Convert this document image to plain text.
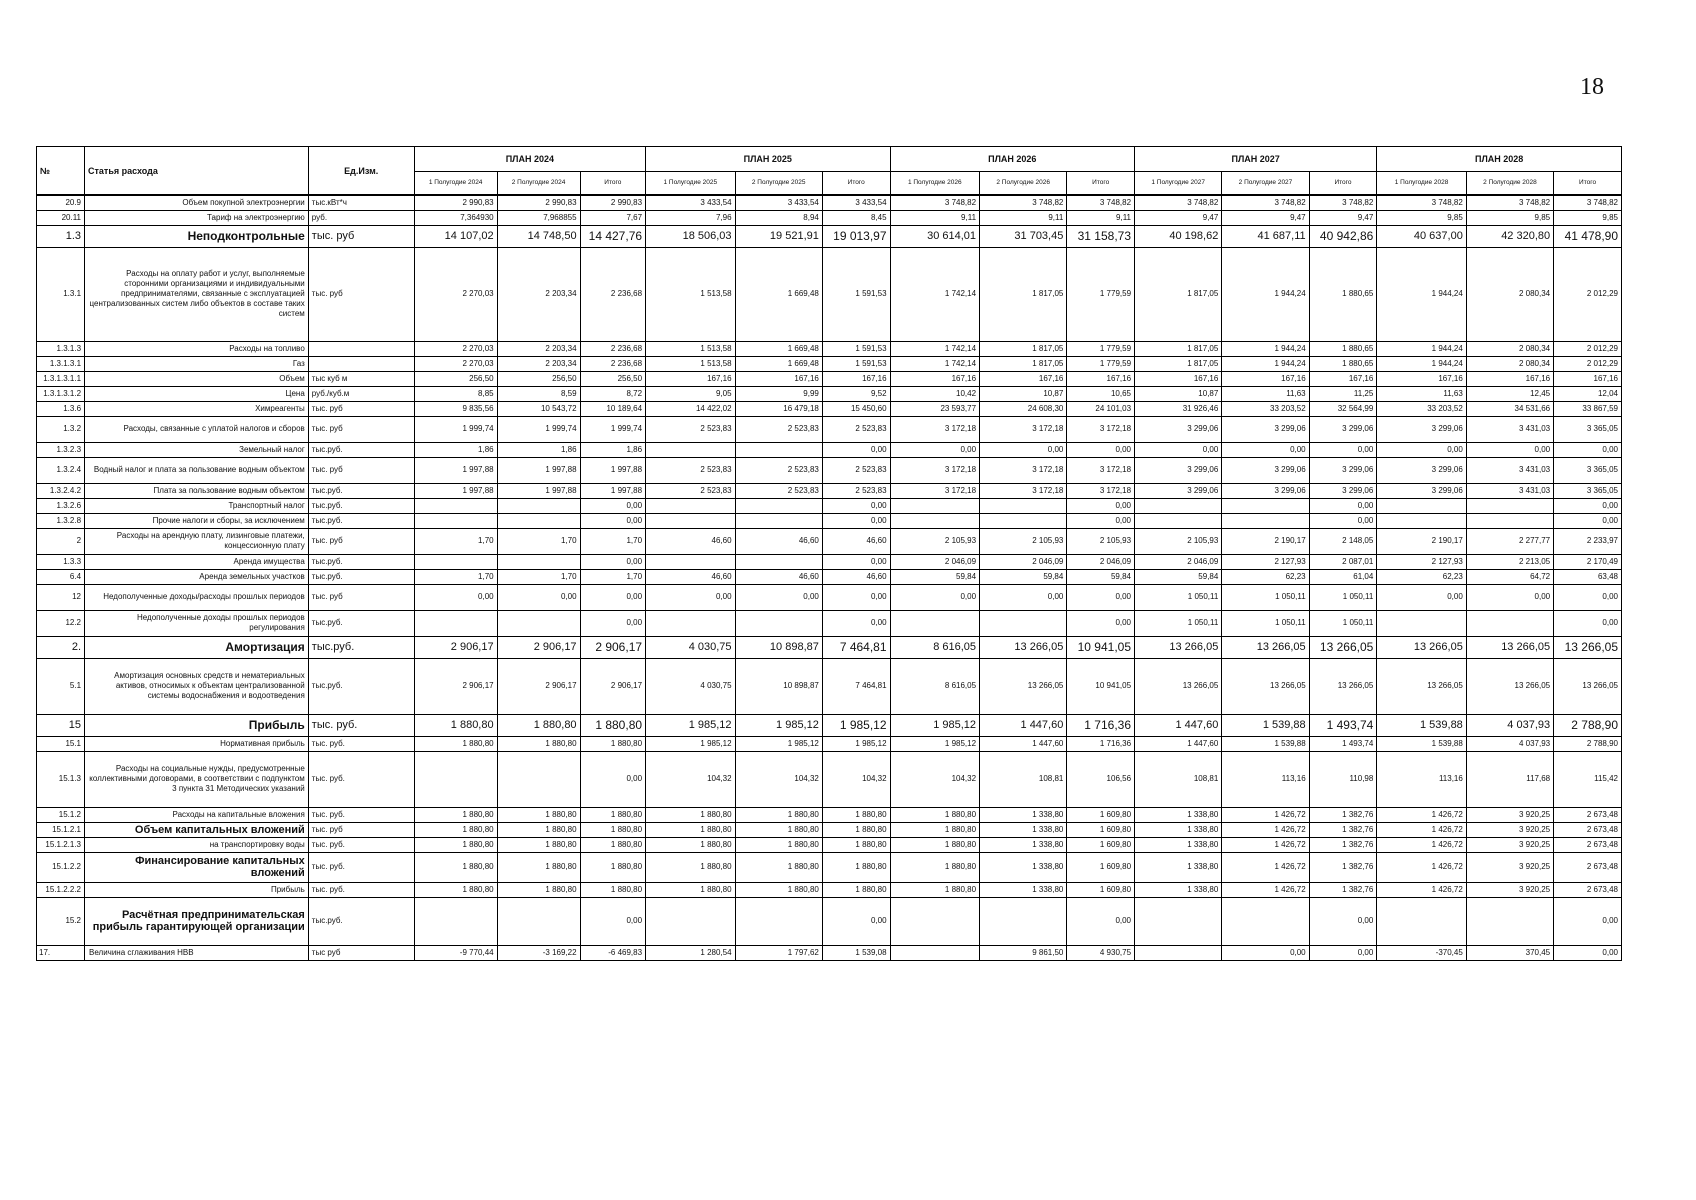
18
№	Статья расхода	Ед.Изм.	ПЛАН 2024			ПЛАН 2025			ПЛАН 2026			ПЛАН 2027			ПЛАН 2028		
			1 Полугодие 2024	2 Полугодие 2024	Итого	1 Полугодие 2025	2 Полугодие 2025	Итого	1 Полугодие 2026	2 Полугодие 2026	Итого	1 Полугодие 2027	2 Полугодие 2027	Итого	1 Полугодие 2028	2 Полугодие 2028	Итого
20.9	Объем покупной электроэнергии	тыс.кВт*ч	2 990,83	2 990,83	2 990,83	3 433,54	3 433,54	3 433,54	3 748,82	3 748,82	3 748,82	3 748,82	3 748,82	3 748,82	3 748,82	3 748,82	3 748,82
20.11	Тариф на электроэнергию	руб.	7,364930	7,968855	7,67	7,96	8,94	8,45	9,11	9,11	9,11	9,47	9,47	9,47	9,85	9,85	9,85
1.3	Неподконтрольные	тыс. руб	14 107,02	14 748,50	14 427,76	18 506,03	19 521,91	19 013,97	30 614,01	31 703,45	31 158,73	40 198,62	41 687,11	40 942,86	40 637,00	42 320,80	41 478,90
1.3.1	Расходы на оплату работ и услуг, выполняемые сторонними организациями и индивидуальными предпринимателями, связанные с эксплуатацией централизованных систем либо объектов в составе таких систем	тыс. руб	2 270,03	2 203,34	2 236,68	1 513,58	1 669,48	1 591,53	1 742,14	1 817,05	1 779,59	1 817,05	1 944,24	1 880,65	1 944,24	2 080,34	2 012,29
1.3.1.3	Расходы на топливо		2 270,03	2 203,34	2 236,68	1 513,58	1 669,48	1 591,53	1 742,14	1 817,05	1 779,59	1 817,05	1 944,24	1 880,65	1 944,24	2 080,34	2 012,29
1.3.1.3.1	Газ		2 270,03	2 203,34	2 236,68	1 513,58	1 669,48	1 591,53	1 742,14	1 817,05	1 779,59	1 817,05	1 944,24	1 880,65	1 944,24	2 080,34	2 012,29
1.3.1.3.1.1	Объем	тыс куб м	256,50	256,50	256,50	167,16	167,16	167,16	167,16	167,16	167,16	167,16	167,16	167,16	167,16	167,16	167,16
1.3.1.3.1.2	Цена	руб./куб.м	8,85	8,59	8,72	9,05	9,99	9,52	10,42	10,87	10,65	10,87	11,63	11,25	11,63	12,45	12,04
1.3.6	Химреагенты	тыс. руб	9 835,56	10 543,72	10 189,64	14 422,02	16 479,18	15 450,60	23 593,77	24 608,30	24 101,03	31 926,46	33 203,52	32 564,99	33 203,52	34 531,66	33 867,59
1.3.2	Расходы, связанные с уплатой налогов и сборов	тыс. руб	1 999,74	1 999,74	1 999,74	2 523,83	2 523,83	2 523,83	3 172,18	3 172,18	3 172,18	3 299,06	3 299,06	3 299,06	3 299,06	3 431,03	3 365,05
1.3.2.3	Земельный налог	тыс.руб.	1,86	1,86	1,86			0,00	0,00	0,00	0,00	0,00	0,00	0,00	0,00	0,00	0,00
1.3.2.4	Водный налог и плата за пользование водным объектом	тыс. руб	1 997,88	1 997,88	1 997,88	2 523,83	2 523,83	2 523,83	3 172,18	3 172,18	3 172,18	3 299,06	3 299,06	3 299,06	3 299,06	3 431,03	3 365,05
1.3.2.4.2	Плата за пользование водным объектом	тыс.руб.	1 997,88	1 997,88	1 997,88	2 523,83	2 523,83	2 523,83	3 172,18	3 172,18	3 172,18	3 299,06	3 299,06	3 299,06	3 299,06	3 431,03	3 365,05
1.3.2.6	Транспортный налог	тыс.руб.			0,00			0,00			0,00			0,00			0,00
1.3.2.8	Прочие налоги и сборы, за исключением	тыс.руб.			0,00			0,00			0,00			0,00			0,00
2	Расходы на арендную плату, лизинговые платежи, концессионную плату	тыс. руб	1,70	1,70	1,70	46,60	46,60	46,60	2 105,93	2 105,93	2 105,93	2 105,93	2 190,17	2 148,05	2 190,17	2 277,77	2 233,97
1.3.3	Аренда имущества	тыс.руб.			0,00			0,00	2 046,09	2 046,09	2 046,09	2 046,09	2 127,93	2 087,01	2 127,93	2 213,05	2 170,49
6.4	Аренда земельных участков	тыс.руб.	1,70	1,70	1,70	46,60	46,60	46,60	59,84	59,84	59,84	59,84	62,23	61,04	62,23	64,72	63,48
12	Недополученные доходы/расходы прошлых периодов	тыс. руб	0,00	0,00	0,00	0,00	0,00	0,00	0,00	0,00	0,00	1 050,11	1 050,11	1 050,11	0,00	0,00	0,00
12.2	Недополученные доходы прошлых периодов регулирования	тыс.руб.			0,00			0,00			0,00	1 050,11	1 050,11	1 050,11			0,00
2.	Амортизация	тыс.руб.	2 906,17	2 906,17	2 906,17	4 030,75	10 898,87	7 464,81	8 616,05	13 266,05	10 941,05	13 266,05	13 266,05	13 266,05	13 266,05	13 266,05	13 266,05
5.1	Амортизация основных средств и нематериальных активов, относимых к объектам централизованной системы водоснабжения и водоотведения	тыс.руб.	2 906,17	2 906,17	2 906,17	4 030,75	10 898,87	7 464,81	8 616,05	13 266,05	10 941,05	13 266,05	13 266,05	13 266,05	13 266,05	13 266,05	13 266,05
15	Прибыль	тыс. руб.	1 880,80	1 880,80	1 880,80	1 985,12	1 985,12	1 985,12	1 985,12	1 447,60	1 716,36	1 447,60	1 539,88	1 493,74	1 539,88	4 037,93	2 788,90
15.1	Нормативная прибыль	тыс. руб.	1 880,80	1 880,80	1 880,80	1 985,12	1 985,12	1 985,12	1 985,12	1 447,60	1 716,36	1 447,60	1 539,88	1 493,74	1 539,88	4 037,93	2 788,90
15.1.3	Расходы на социальные нужды, предусмотренные коллективными договорами, в соответствии с подпунктом 3 пункта 31 Методических указаний	тыс. руб.			0,00	104,32	104,32	104,32	104,32	108,81	106,56	108,81	113,16	110,98	113,16	117,68	115,42
15.1.2	Расходы на капитальные вложения	тыс. руб.	1 880,80	1 880,80	1 880,80	1 880,80	1 880,80	1 880,80	1 880,80	1 338,80	1 609,80	1 338,80	1 426,72	1 382,76	1 426,72	3 920,25	2 673,48
15.1.2.1	Объем капитальных вложений	тыс. руб	1 880,80	1 880,80	1 880,80	1 880,80	1 880,80	1 880,80	1 880,80	1 338,80	1 609,80	1 338,80	1 426,72	1 382,76	1 426,72	3 920,25	2 673,48
15.1.2.1.3	на транспортировку воды	тыс. руб.	1 880,80	1 880,80	1 880,80	1 880,80	1 880,80	1 880,80	1 880,80	1 338,80	1 609,80	1 338,80	1 426,72	1 382,76	1 426,72	3 920,25	2 673,48
15.1.2.2	Финансирование капитальных вложений	тыс. руб.	1 880,80	1 880,80	1 880,80	1 880,80	1 880,80	1 880,80	1 880,80	1 338,80	1 609,80	1 338,80	1 426,72	1 382,76	1 426,72	3 920,25	2 673,48
15.1.2.2.2	Прибыль	тыс. руб.	1 880,80	1 880,80	1 880,80	1 880,80	1 880,80	1 880,80	1 880,80	1 338,80	1 609,80	1 338,80	1 426,72	1 382,76	1 426,72	3 920,25	2 673,48
15.2	Расчётная предпринимательская прибыль гарантирующей организации	тыс.руб.			0,00			0,00			0,00			0,00			0,00
17.	Величина сглаживания НВВ	тыс руб	-9 770,44	-3 169,22	-6 469,83	1 280,54	1 797,62	1 539,08		9 861,50	4 930,75		0,00	0,00	-370,45	370,45	0,00
